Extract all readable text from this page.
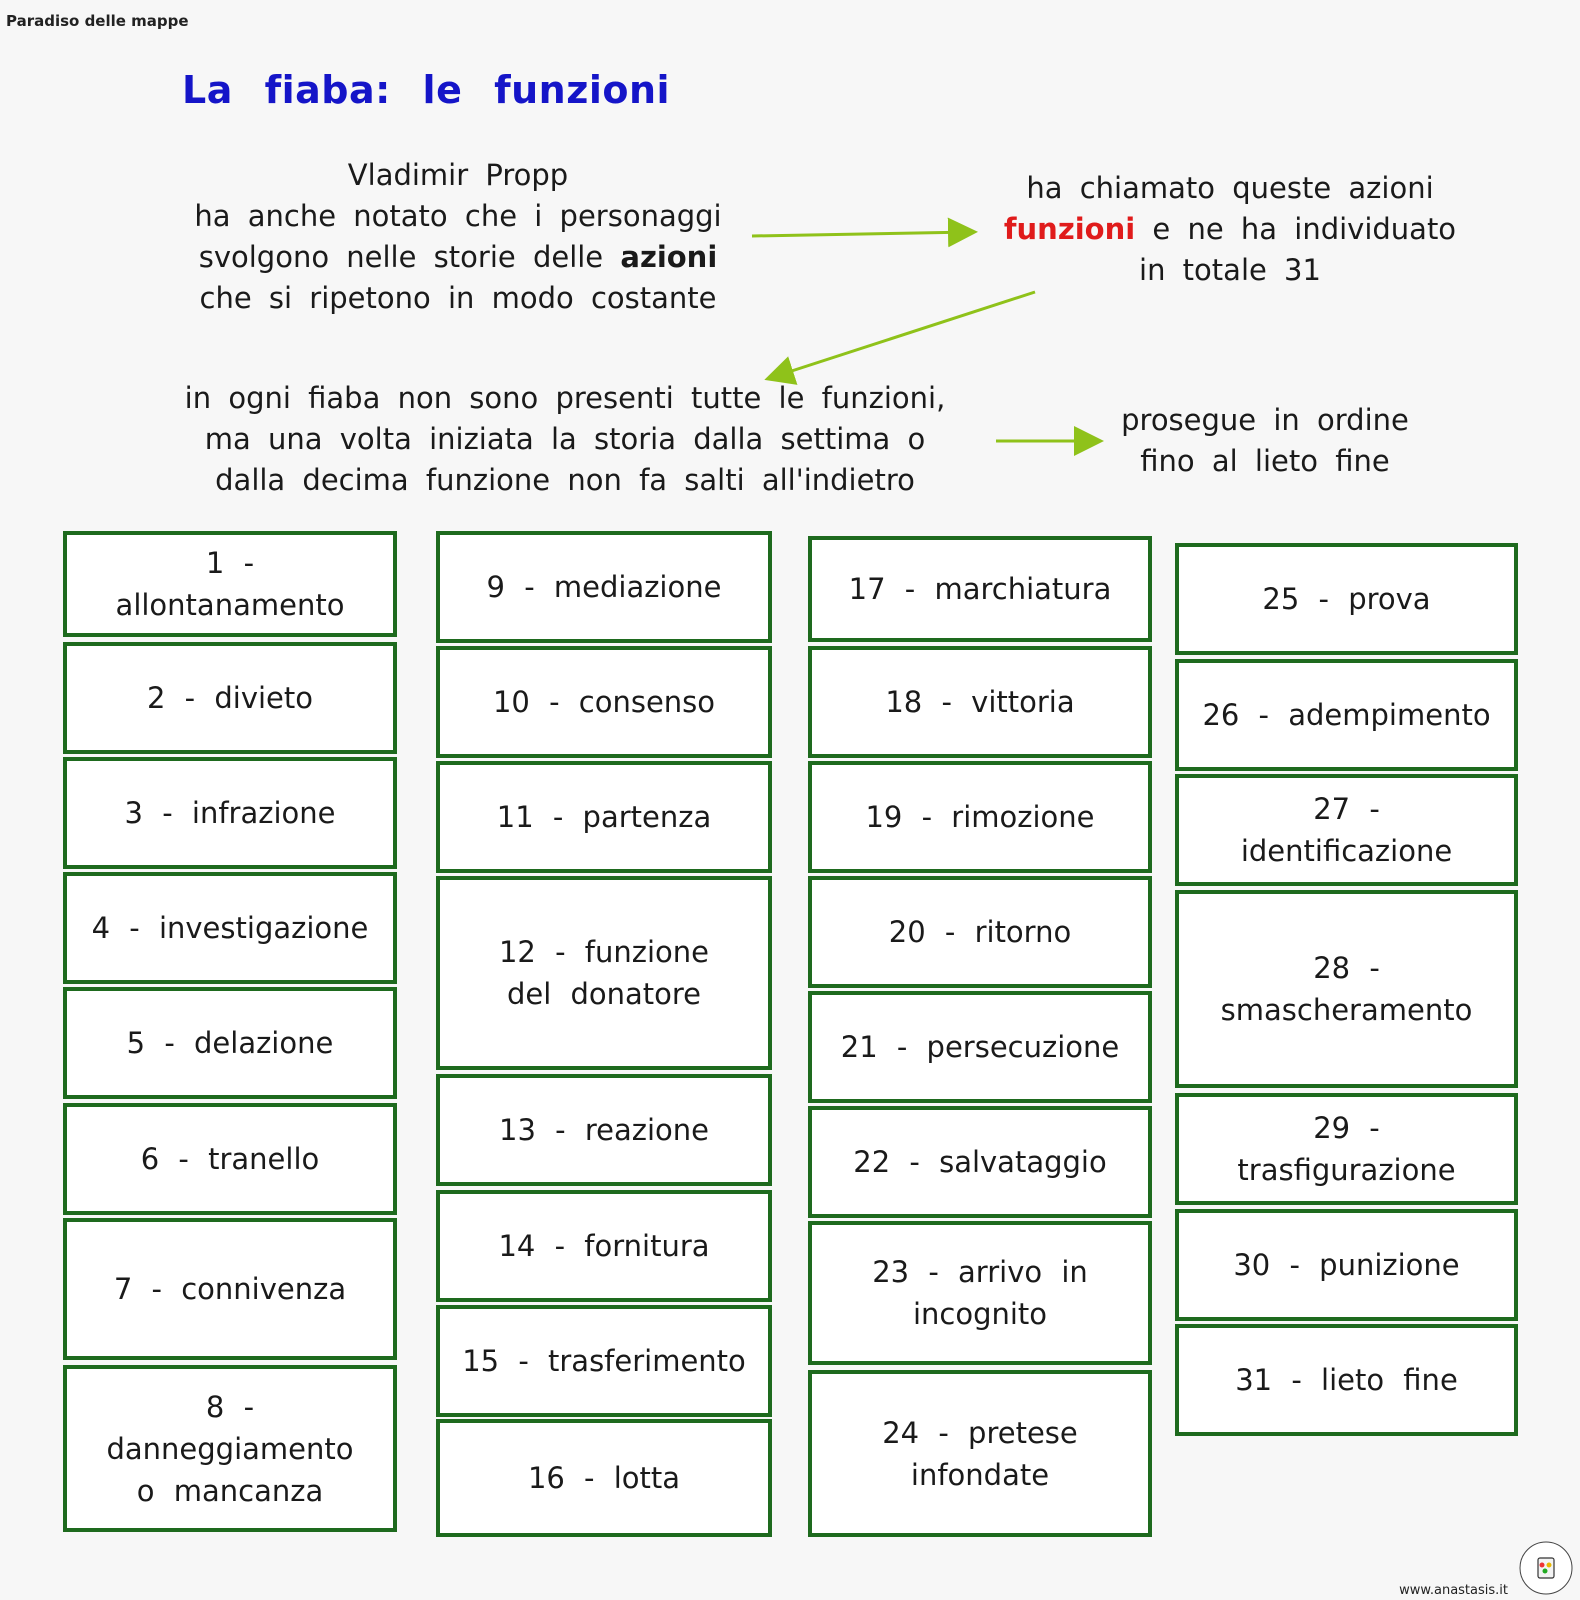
Paradiso delle mappe
La fiaba: le funzioni
Vladimir Propp
ha anche notato che i personaggi
svolgono nelle storie delle azioni
che si ripetono in modo costante
ha chiamato queste azioni
funzioni e ne ha individuato
in totale 31
in ogni fiaba non sono presenti tutte le funzioni,
ma una volta iniziata la storia dalla settima o
dalla decima funzione non fa salti all'indietro
prosegue in ordine
fino al lieto fine
1 -
allontanamento
2 - divieto
3 - infrazione
4 - investigazione
5 - delazione
6 - tranello
7 - connivenza
8 -
danneggiamento
o mancanza
9 - mediazione
10 - consenso
11 - partenza
12 - funzione
del donatore
13 - reazione
14 - fornitura
15 - trasferimento
16 - lotta
17 - marchiatura
18 - vittoria
19 - rimozione
20 - ritorno
21 - persecuzione
22 - salvataggio
23 - arrivo in
incognito
24 - pretese
infondate
25 - prova
26 - adempimento
27 -
identificazione
28 -
smascheramento
29 -
trasfigurazione
30 - punizione
31 - lieto fine
www.anastasis.it
